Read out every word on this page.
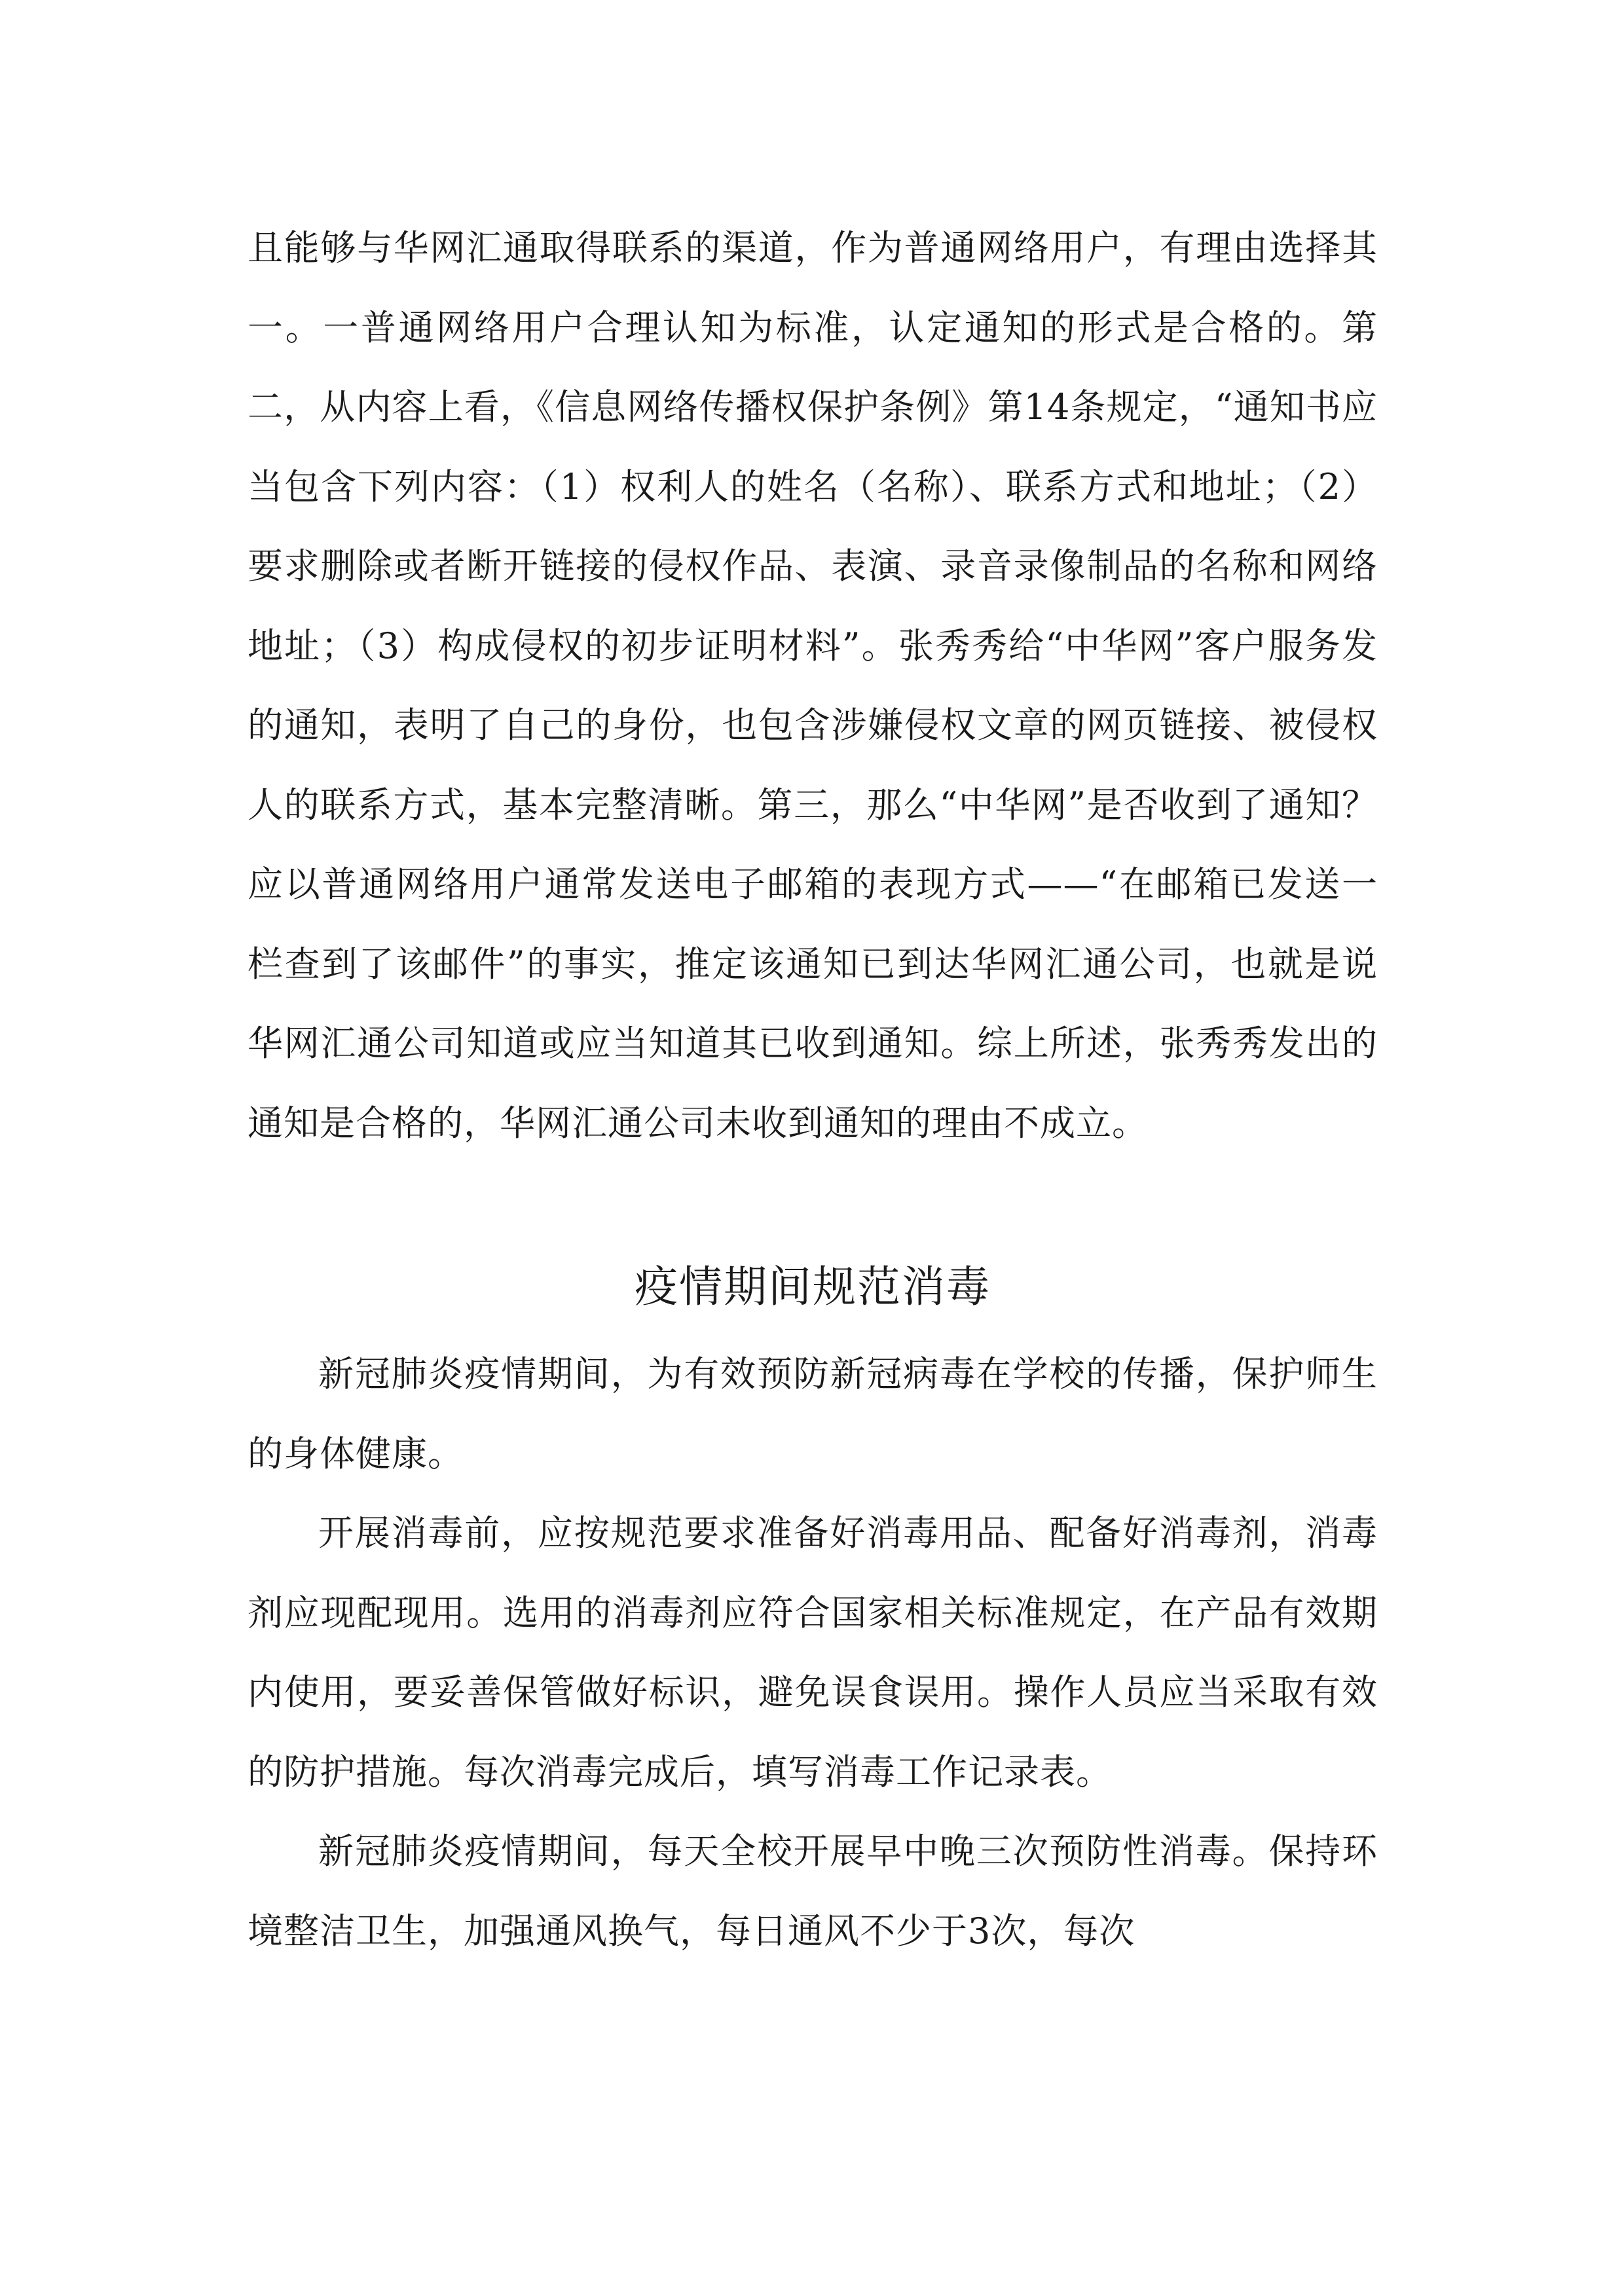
且能够与华网汇通取得联系的渠道，作为普通网络用户，有理由选择其一。一普通网络用户合理认知为标准，认定通知的形式是合格的。第二，从内容上看，《信息网络传播权保护条例》第14条规定，“通知书应当包含下列内容：（1）权利人的姓名（名称）、联系方式和地址；（2）要求删除或者断开链接的侵权作品、表演、录音录像制品的名称和网络地址；（3）构成侵权的初步证明材料”。张秀秀给“中华网”客户服务发的通知，表明了自己的身份，也包含涉嫌侵权文章的网页链接、被侵权人的联系方式，基本完整清晰。第三，那么“中华网”是否收到了通知？应以普通网络用户通常发送电子邮箱的表现方式——“在邮箱已发送一栏查到了该邮件”的事实，推定该通知已到达华网汇通公司，也就是说华网汇通公司知道或应当知道其已收到通知。综上所述，张秀秀发出的通知是合格的，华网汇通公司未收到通知的理由不成立。

疫情期间规范消毒

新冠肺炎疫情期间，为有效预防新冠病毒在学校的传播，保护师生的身体健康。

开展消毒前，应按规范要求准备好消毒用品、配备好消毒剂，消毒剂应现配现用。选用的消毒剂应符合国家相关标准规定，在产品有效期内使用，要妥善保管做好标识，避免误食误用。操作人员应当采取有效的防护措施。每次消毒完成后，填写消毒工作记录表。

新冠肺炎疫情期间，每天全校开展早中晚三次预防性消毒。保持环境整洁卫生，加强通风换气，每日通风不少于3次，每次
